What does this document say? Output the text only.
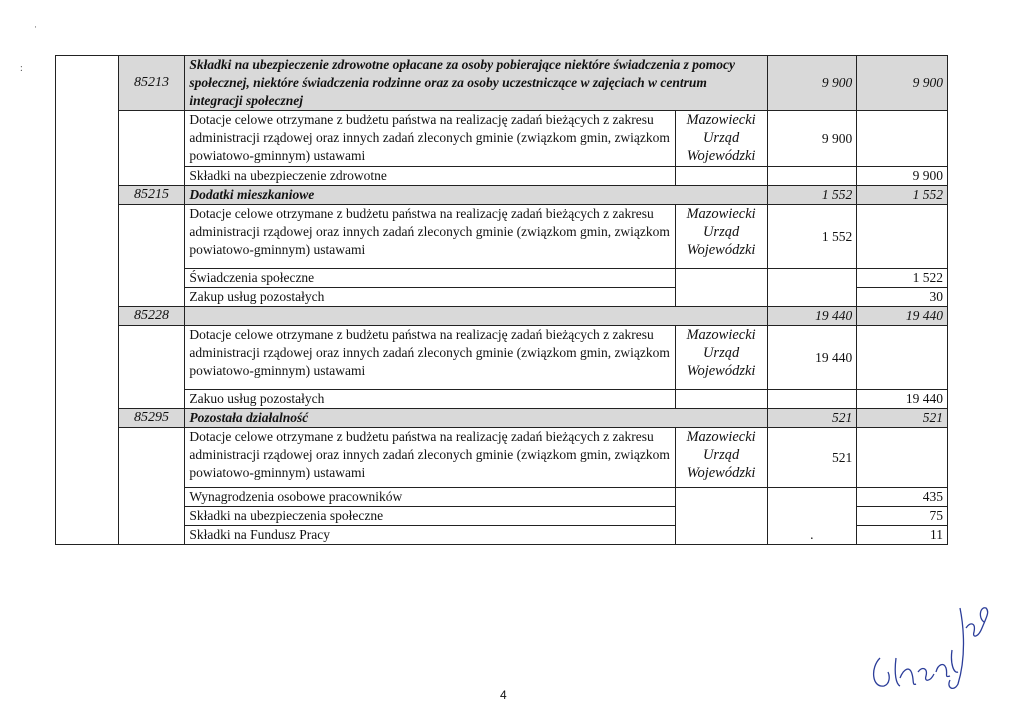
·
:
	85213	Składki na ubezpieczenie zdrowotne opłacane za osoby pobierające niektóre świadczenia z pomocy społecznej, niektóre świadczenia rodzinne oraz za osoby uczestniczące w zajęciach w centrum integracji społecznej		9 900	9 900
		Dotacje celowe otrzymane z budżetu państwa na realizację zadań bieżących z zakresu administracji rządowej oraz innych zadań zleconych gminie (związkom gmin, związkom powiatowo-gminnym) ustawami	Mazowiecki
Urząd
Wojewódzki	9 900	
		Składki na ubezpieczenie zdrowotne			9 900
	85215	Dodatki mieszkaniowe		1 552	1 552
		Dotacje celowe otrzymane z budżetu państwa na realizację zadań bieżących z zakresu administracji rządowej oraz innych zadań zleconych gminie (związkom gmin, związkom powiatowo-gminnym) ustawami	Mazowiecki
Urząd
Wojewódzki	1 552	
		Świadczenia społeczne			1 522
		Zakup usług pozostałych			30
	85228			19 440	19 440
		Dotacje celowe otrzymane z budżetu państwa na realizację zadań bieżących z zakresu administracji rządowej oraz innych zadań zleconych gminie (związkom gmin, związkom powiatowo-gminnym) ustawami	Mazowiecki
Urząd
Wojewódzki	19 440	
		Zakuo usług pozostałych			19 440
	85295	Pozostała działalność		521	521
		Dotacje celowe otrzymane z budżetu państwa na realizację zadań bieżących z zakresu administracji rządowej oraz innych zadań zleconych gminie (związkom gmin, związkom powiatowo-gminnym) ustawami	Mazowiecki
Urząd
Wojewódzki	521	
		Wynagrodzenia osobowe pracowników		.	435
		Składki na ubezpieczenia społeczne			75
		Składki na Fundusz Pracy			11
4
